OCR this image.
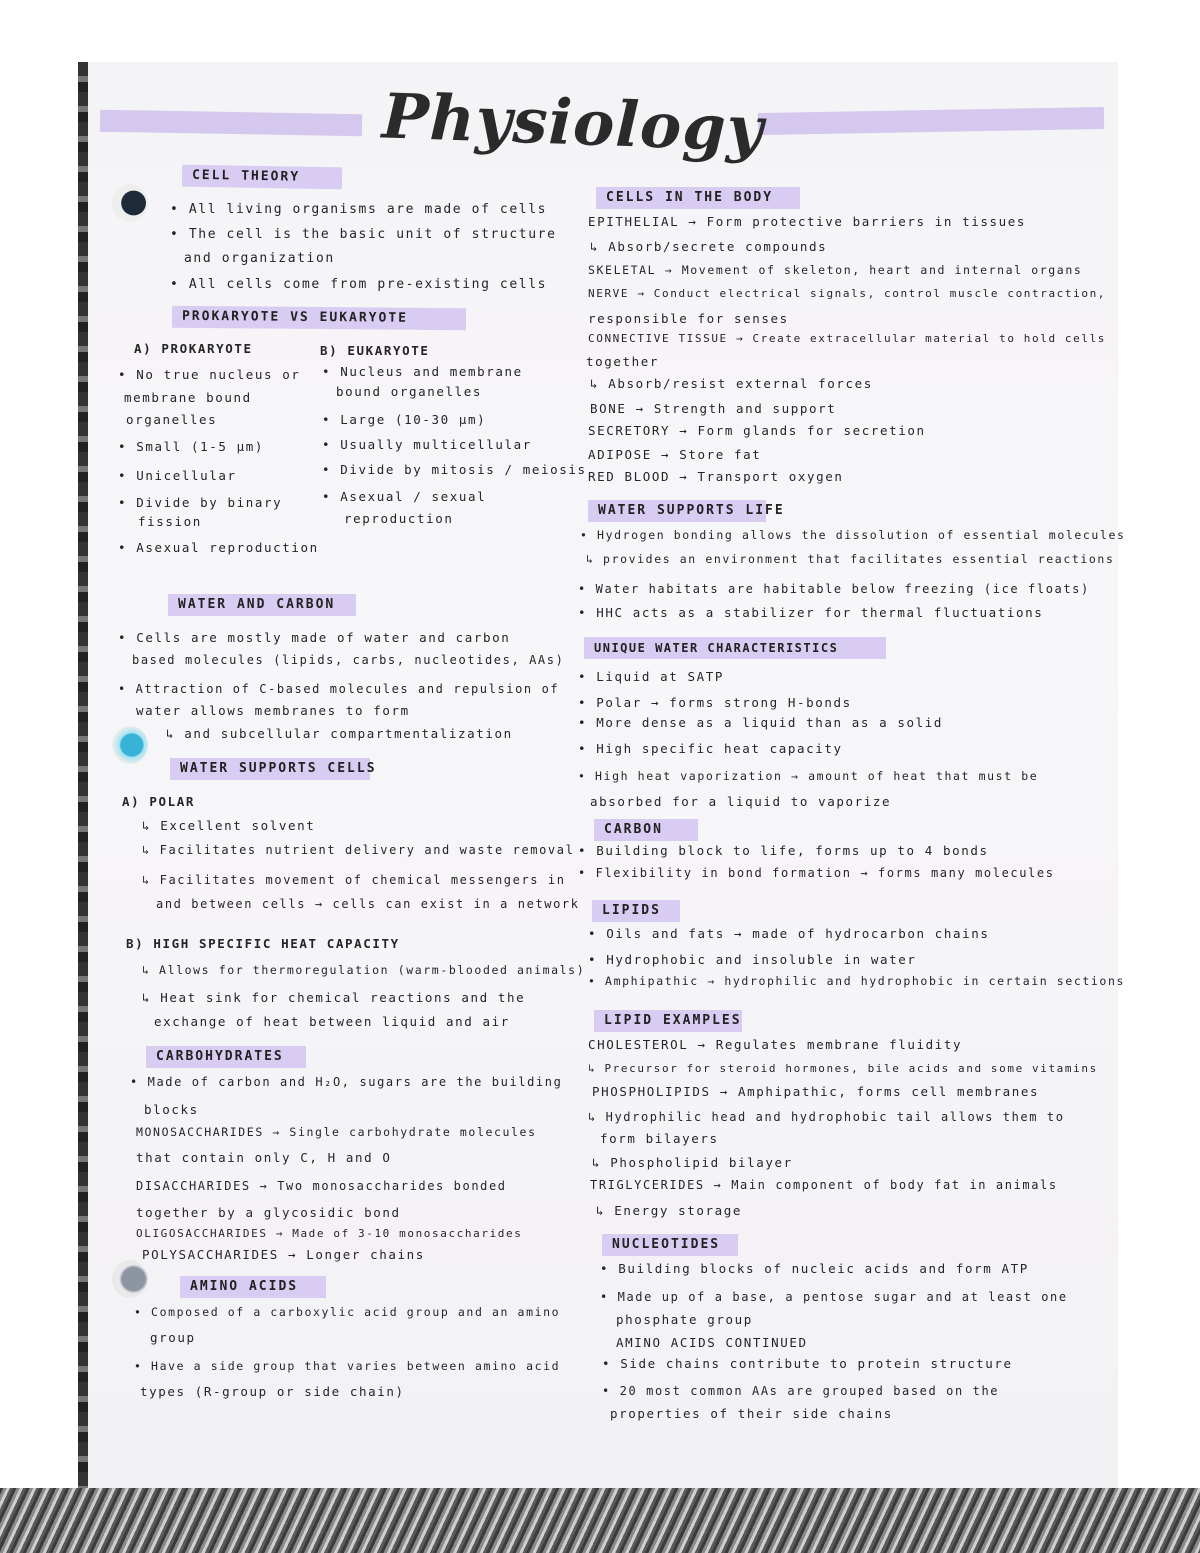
Physiology
CELL THEORY
• All living organisms are made of cells
• The cell is the basic unit of structure
and organization
• All cells come from pre-existing cells
PROKARYOTE VS EUKARYOTE
A) PROKARYOTE
• No true nucleus or
membrane bound
organelles
• Small (1-5 μm)
• Unicellular
• Divide by binary
fission
• Asexual reproduction
B) EUKARYOTE
• Nucleus and membrane
bound organelles
• Large (10-30 μm)
• Usually multicellular
• Divide by mitosis / meiosis
• Asexual / sexual
reproduction
WATER AND CARBON
• Cells are mostly made of water and carbon
based molecules (lipids, carbs, nucleotides, AAs)
• Attraction of C-based molecules and repulsion of
water allows membranes to form
↳ and subcellular compartmentalization
WATER SUPPORTS CELLS
A) POLAR
↳ Excellent solvent
↳ Facilitates nutrient delivery and waste removal
↳ Facilitates movement of chemical messengers in
and between cells → cells can exist in a network
B) HIGH SPECIFIC HEAT CAPACITY
↳ Allows for thermoregulation (warm-blooded animals)
↳ Heat sink for chemical reactions and the
exchange of heat between liquid and air
CARBOHYDRATES
• Made of carbon and H₂O, sugars are the building
blocks
MONOSACCHARIDES → Single carbohydrate molecules
that contain only C, H and O
DISACCHARIDES → Two monosaccharides bonded
together by a glycosidic bond
OLIGOSACCHARIDES → Made of 3-10 monosaccharides
POLYSACCHARIDES → Longer chains
AMINO ACIDS
• Composed of a carboxylic acid group and an amino
group
• Have a side group that varies between amino acid
types (R-group or side chain)
CELLS IN THE BODY
EPITHELIAL → Form protective barriers in tissues
↳ Absorb/secrete compounds
SKELETAL → Movement of skeleton, heart and internal organs
NERVE → Conduct electrical signals, control muscle contraction,
responsible for senses
CONNECTIVE TISSUE → Create extracellular material to hold cells
together
↳ Absorb/resist external forces
BONE → Strength and support
SECRETORY → Form glands for secretion
ADIPOSE → Store fat
RED BLOOD → Transport oxygen
WATER SUPPORTS LIFE
• Hydrogen bonding allows the dissolution of essential molecules
↳ provides an environment that facilitates essential reactions
• Water habitats are habitable below freezing (ice floats)
• HHC acts as a stabilizer for thermal fluctuations
UNIQUE WATER CHARACTERISTICS
• Liquid at SATP
• Polar → forms strong H-bonds
• More dense as a liquid than as a solid
• High specific heat capacity
• High heat vaporization → amount of heat that must be
absorbed for a liquid to vaporize
CARBON
• Building block to life, forms up to 4 bonds
• Flexibility in bond formation → forms many molecules
LIPIDS
• Oils and fats → made of hydrocarbon chains
• Hydrophobic and insoluble in water
• Amphipathic → hydrophilic and hydrophobic in certain sections
LIPID EXAMPLES
CHOLESTEROL → Regulates membrane fluidity
↳ Precursor for steroid hormones, bile acids and some vitamins
PHOSPHOLIPIDS → Amphipathic, forms cell membranes
↳ Hydrophilic head and hydrophobic tail allows them to
form bilayers
↳ Phospholipid bilayer
TRIGLYCERIDES → Main component of body fat in animals
↳ Energy storage
NUCLEOTIDES
• Building blocks of nucleic acids and form ATP
• Made up of a base, a pentose sugar and at least one
phosphate group
AMINO ACIDS CONTINUED
• Side chains contribute to protein structure
• 20 most common AAs are grouped based on the
properties of their side chains
